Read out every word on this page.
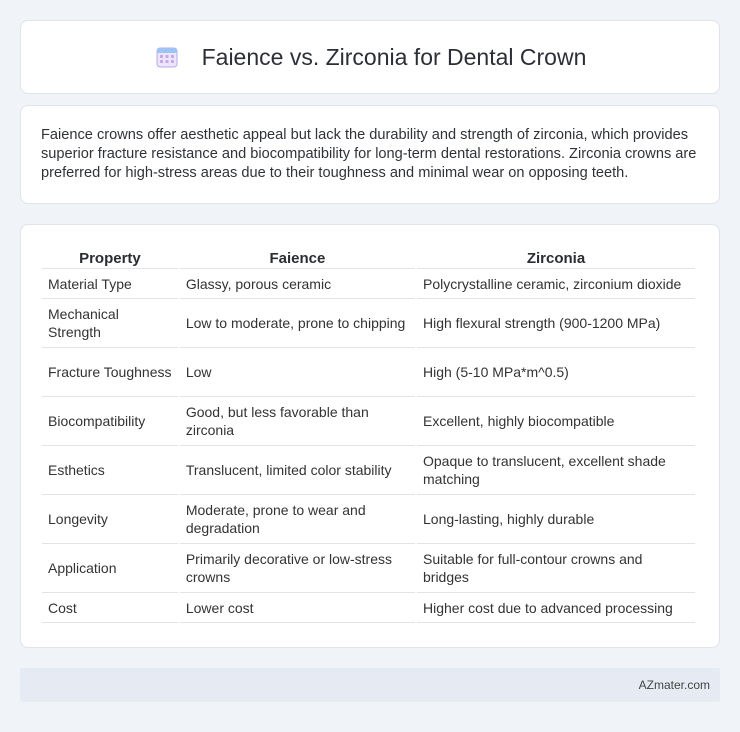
Faience vs. Zirconia for Dental Crown

Faience crowns offer aesthetic appeal but lack the durability and strength of zirconia, which provides superior fracture resistance and biocompatibility for long-term dental restorations. Zirconia crowns are preferred for high-stress areas due to their toughness and minimal wear on opposing teeth.

Property	Faience	Zirconia
Material Type	Glassy, porous ceramic	Polycrystalline ceramic, zirconium dioxide
Mechanical Strength	Low to moderate, prone to chipping	High flexural strength (900-1200 MPa)
Fracture Toughness	Low	High (5-10 MPa*m^0.5)
Biocompatibility	Good, but less favorable than zirconia	Excellent, highly biocompatible
Esthetics	Translucent, limited color stability	Opaque to translucent, excellent shade matching
Longevity	Moderate, prone to wear and degradation	Long-lasting, highly durable
Application	Primarily decorative or low-stress crowns	Suitable for full-contour crowns and bridges
Cost	Lower cost	Higher cost due to advanced processing
AZmater.com
